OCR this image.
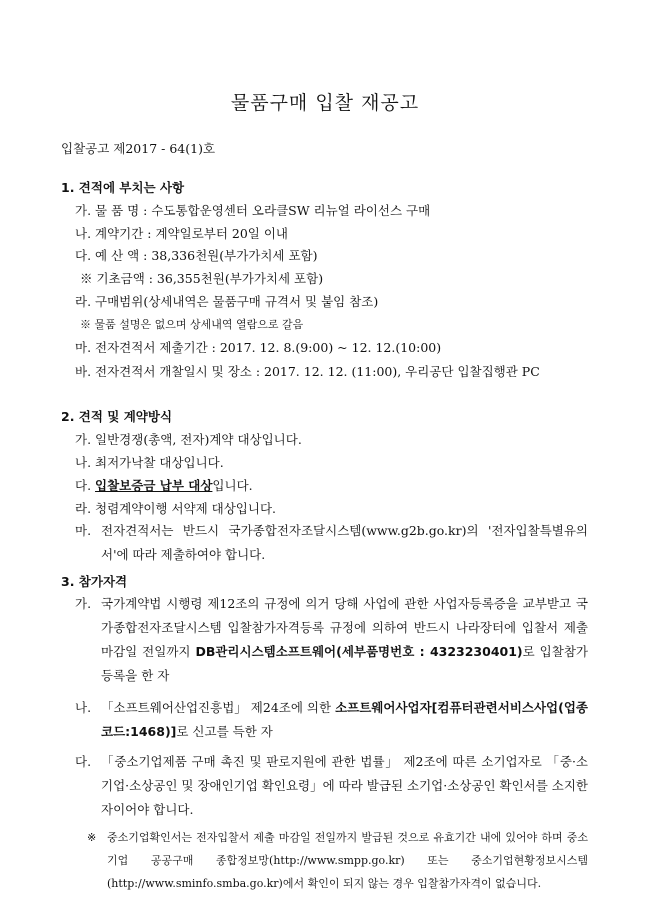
물품구매 입찰 재공고
입찰공고 제2017 - 64(1)호
1. 견적에 부치는 사항
가. 물 품 명 : 수도통합운영센터 오라클SW 리뉴얼 라이선스 구매
나. 계약기간 : 계약일로부터 20일 이내
다. 예 산 액 : 38,336천원(부가가치세 포함)
※ 기초금액 : 36,355천원(부가가치세 포함)
라. 구매범위(상세내역은 물품구매 규격서 및 붙임 참조)
※ 물품 설명은 없으며 상세내역 열람으로 갈음
마. 전자견적서 제출기간 : 2017. 12. 8.(9:00) ~ 12. 12.(10:00)
바. 전자견적서 개찰일시 및 장소 : 2017. 12. 12. (11:00), 우리공단 입찰집행관 PC
2. 견적 및 계약방식
가. 일반경쟁(총액, 전자)계약 대상입니다.
나. 최저가낙찰 대상입니다.
다. 입찰보증금 납부 대상입니다.
라. 청렴계약이행 서약제 대상입니다.
마. 전자견적서는 반드시 국가종합전자조달시스템(www.g2b.go.kr)의 '전자입찰특별유의서'에 따라 제출하여야 합니다.
3. 참가자격
가. 국가계약법 시행령 제12조의 규정에 의거 당해 사업에 관한 사업자등록증을 교부받고 국가종합전자조달시스템 입찰참가자격등록 규정에 의하여 반드시 나라장터에 입찰서 제출 마감일 전일까지 DB관리시스템소프트웨어(세부품명번호 : 4323230401)로 입찰참가 등록을 한 자
나. 「소프트웨어산업진흥법」 제24조에 의한 소프트웨어사업자[컴퓨터관련서비스사업(업종코드:1468)]로 신고를 득한 자
다. 「중소기업제품 구매 촉진 및 판로지원에 관한 법률」 제2조에 따른 소기업자로 「중·소기업·소상공인 및 장애인기업 확인요령」에 따라 발급된 소기업·소상공인 확인서를 소지한 자이어야 합니다.
※ 중소기업확인서는 전자입찰서 제출 마감일 전일까지 발급된 것으로 유효기간 내에 있어야 하며 중소기업 공공구매 종합정보망(http://www.smpp.go.kr) 또는 중소기업현황정보시스템(http://www.sminfo.smba.go.kr)에서 확인이 되지 않는 경우 입찰참가자격이 없습니다.
